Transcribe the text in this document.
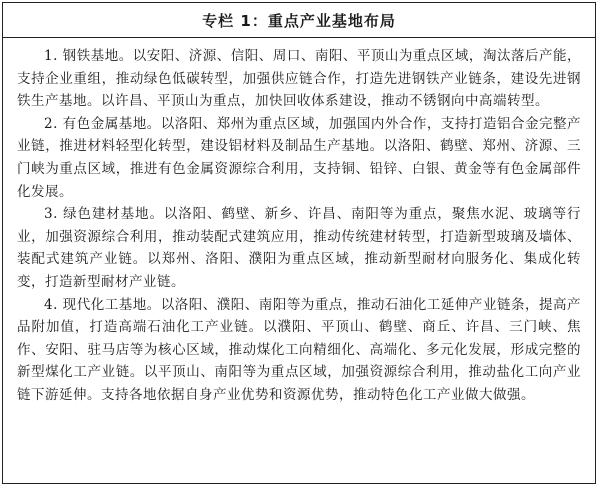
专栏 1：重点产业基地布局

1. 钢铁基地。以安阳、济源、信阳、周口、南阳、平顶山为重点区域，淘汰落后产能，支持企业重组，推动绿色低碳转型，加强供应链合作，打造先进钢铁产业链条，建设先进钢铁生产基地。以许昌、平顶山为重点，加快回收体系建设，推动不锈钢向中高端转型。

2. 有色金属基地。以洛阳、郑州为重点区域，加强国内外合作，支持打造铝合金完整产业链，推进材料轻型化转型，建设铝材料及制品生产基地。以洛阳、鹤壁、郑州、济源、三门峡为重点区域，推进有色金属资源综合利用，支持铜、铅锌、白银、黄金等有色金属部件化发展。

3. 绿色建材基地。以洛阳、鹤壁、新乡、许昌、南阳等为重点，聚焦水泥、玻璃等行业，加强资源综合利用，推动装配式建筑应用，推动传统建材转型，打造新型玻璃及墙体、装配式建筑产业链。以郑州、洛阳、濮阳为重点区域，推动新型耐材向服务化、集成化转变，打造新型耐材产业链。

4. 现代化工基地。以洛阳、濮阳、南阳等为重点，推动石油化工延伸产业链条，提高产品附加值，打造高端石油化工产业链。以濮阳、平顶山、鹤壁、商丘、许昌、三门峡、焦作、安阳、驻马店等为核心区域，推动煤化工向精细化、高端化、多元化发展，形成完整的新型煤化工产业链。以平顶山、南阳等为重点区域，加强资源综合利用，推动盐化工向产业链下游延伸。支持各地依据自身产业优势和资源优势，推动特色化工产业做大做强。
